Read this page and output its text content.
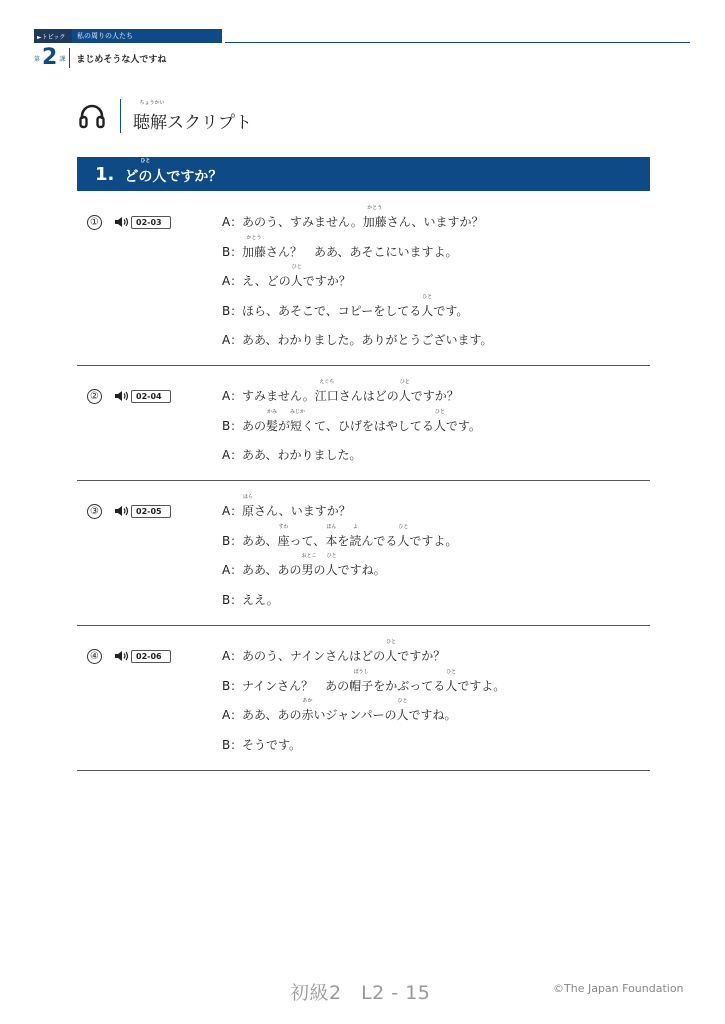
►トピック	私の周りの人たち
第 2 課 まじめそうな人ですね
ちょうかい
聴解スクリプト
1.
ひと
どの人ですか？
①	02-03	A： あのう、すみません。
かとう
加藤 さん、いますか？
B：
かとう
加藤 さん？　ああ、あそこにいますよ。
A： え、どの
ひと
人 ですか？
B： ほら、あそこで、コピーをしてる
ひと
人 です。
A： ああ、わかりました。ありがとうございます。
②	02-04	A： すみません。
えぐち
江口 さんはどの
ひと
人 ですか？
B： あの
かみ
髪 が
みじか
短 くて、ひげをはやしてる
ひと
人 です。
A： ああ、わかりました。
③	02-05	A：
はら
原 さん、いますか？
B： ああ、
すわ
座 って、
ほん
本 を
よ
読 んでる
ひと
人 ですよ。
A： ああ、あの
おとこ
男 の
ひと
人 ですね。
B： ええ。
④	02-06	A： あのう、ナインさんはどの
ひと
人 ですか？
B： ナインさん？　あの
ぼうし
帽子 をかぶってる
ひと
人 ですよ。
A： ああ、あの
あか
赤 いジャンパーの
ひと
人 ですね。
B： そうです。
初級2　L2 - 15	©The Japan Foundation
